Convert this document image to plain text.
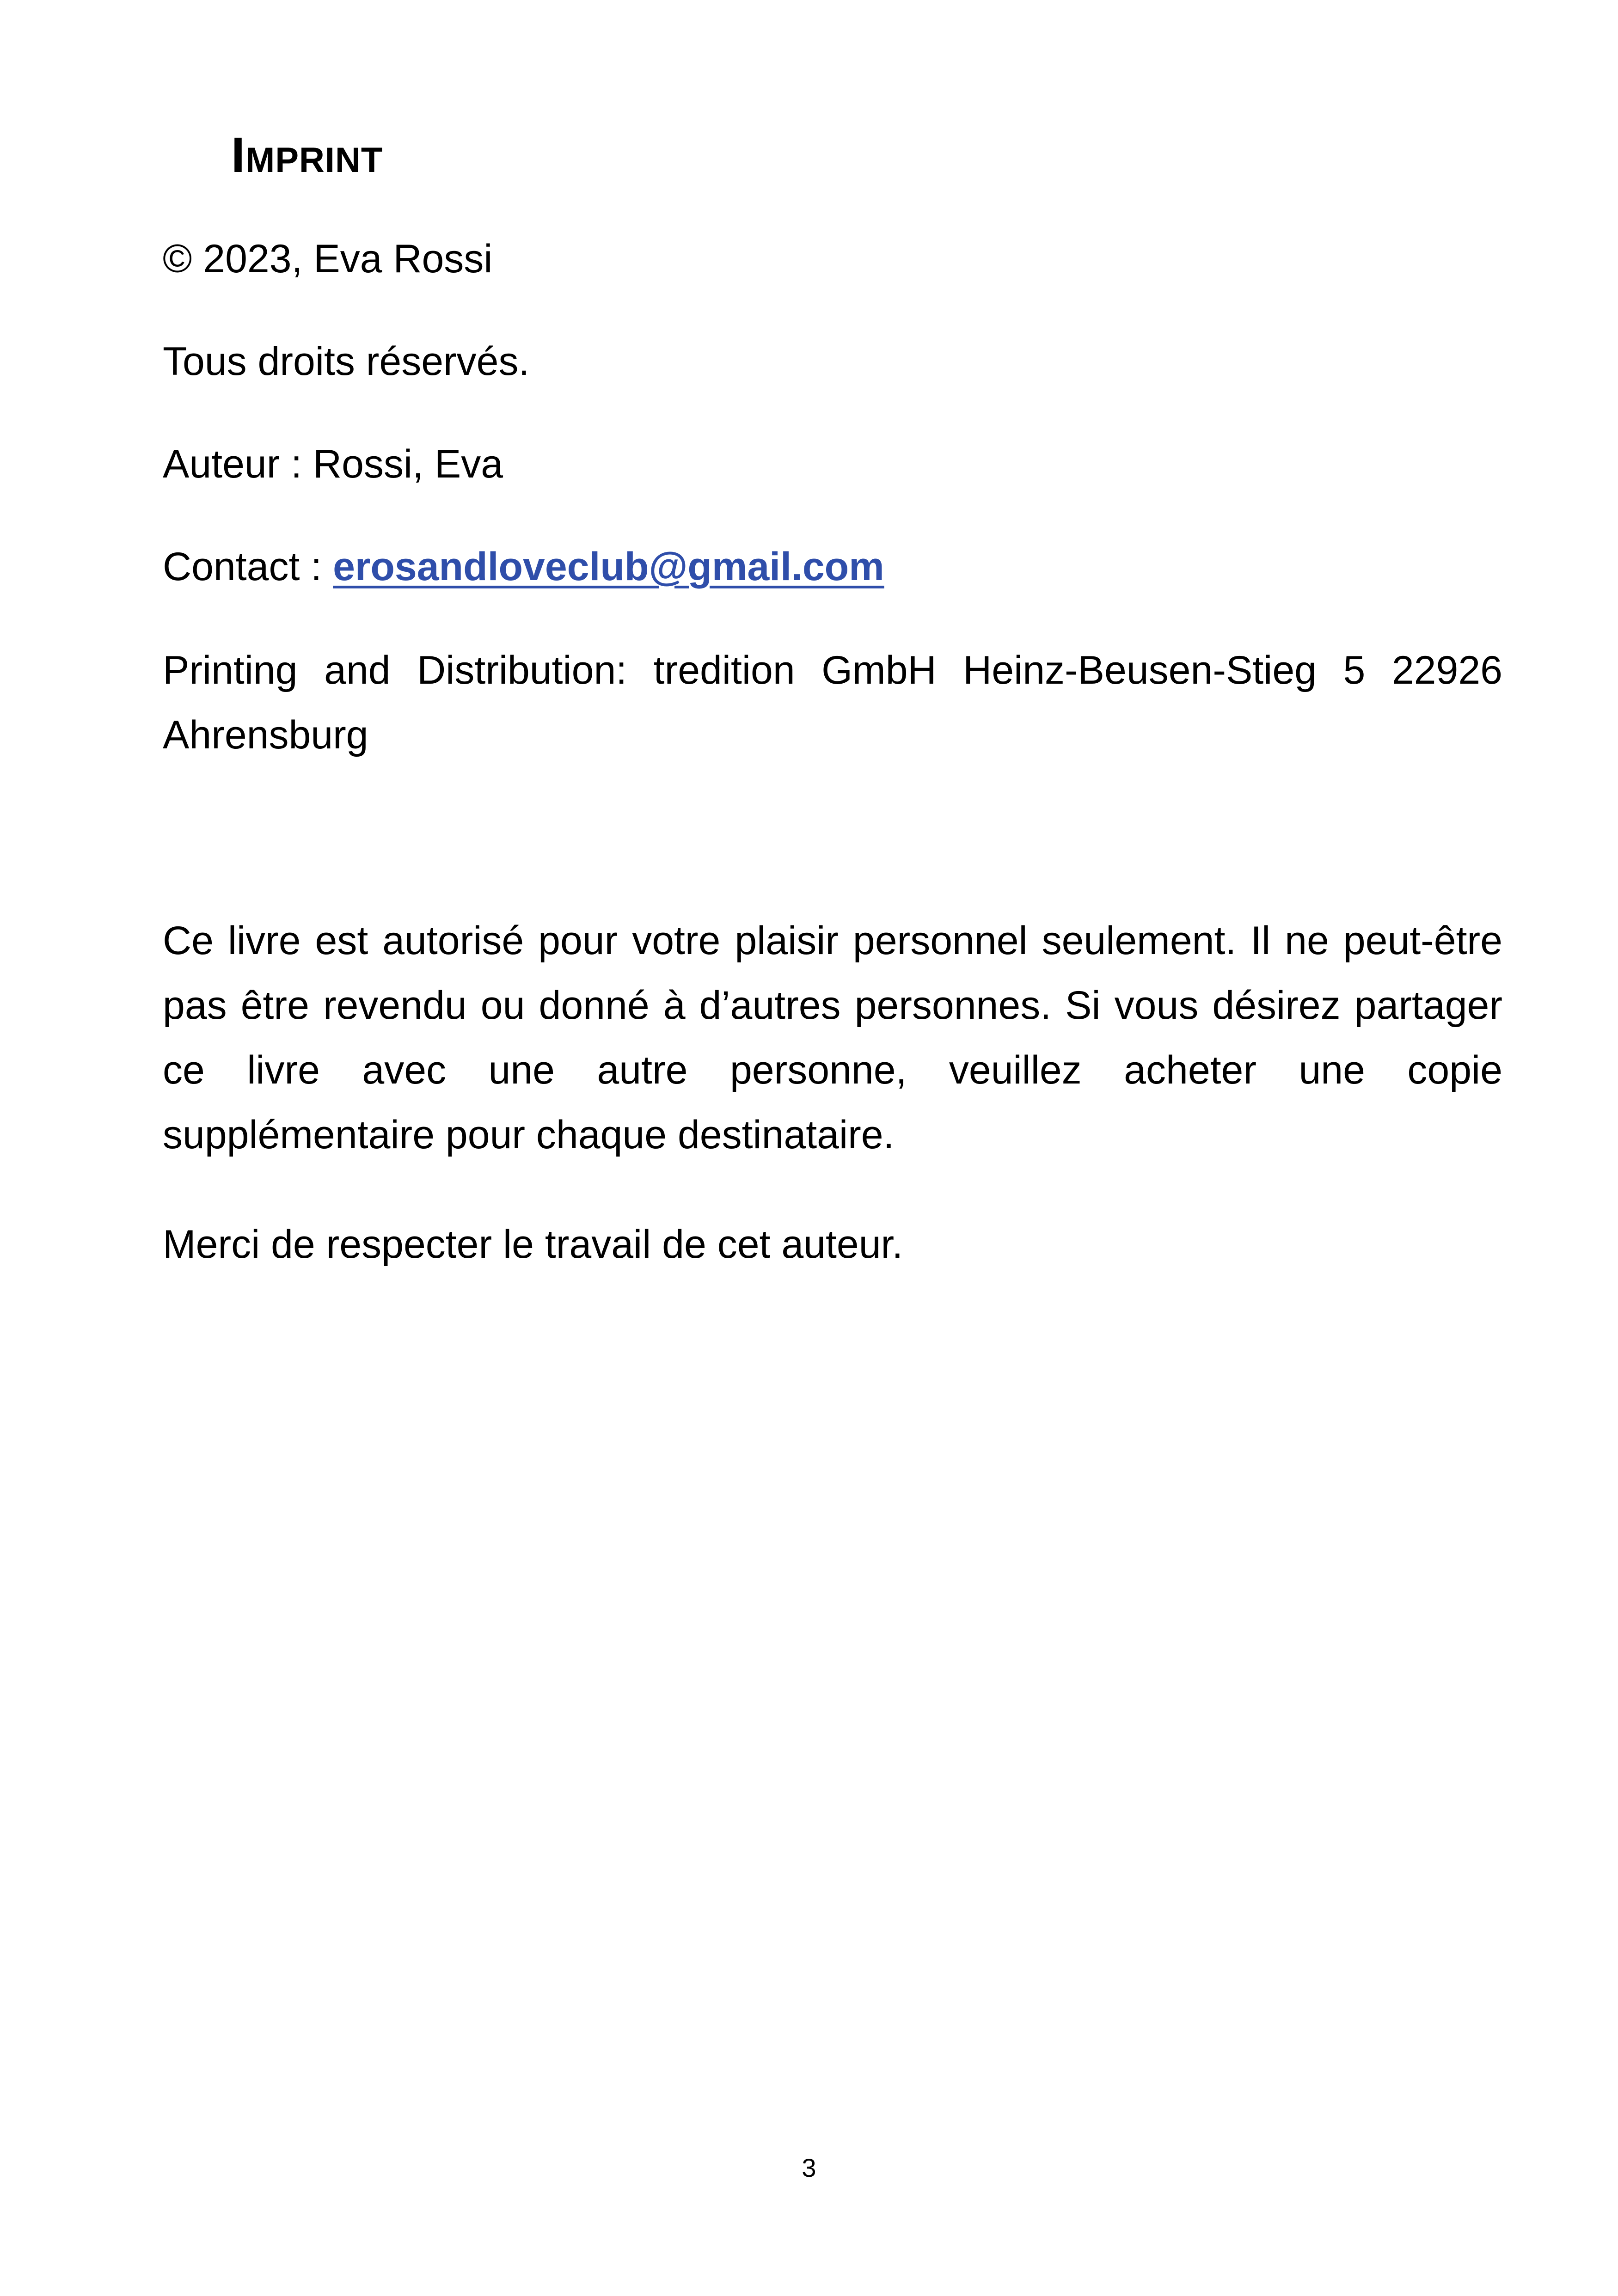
Imprint

© 2023, Eva Rossi

Tous droits réservés.

Auteur : Rossi, Eva

Contact : erosandloveclub@gmail.com

Printing and Distribution: tredition GmbH Heinz-Beusen-Stieg 5 22926 Ahrensburg

Ce livre est autorisé pour votre plaisir personnel seulement. Il ne peut-être pas être revendu ou donné à d’autres personnes. Si vous désirez partager ce livre avec une autre personne, veuillez acheter une copie supplémentaire pour chaque destinataire.

Merci de respecter le travail de cet auteur.

3
